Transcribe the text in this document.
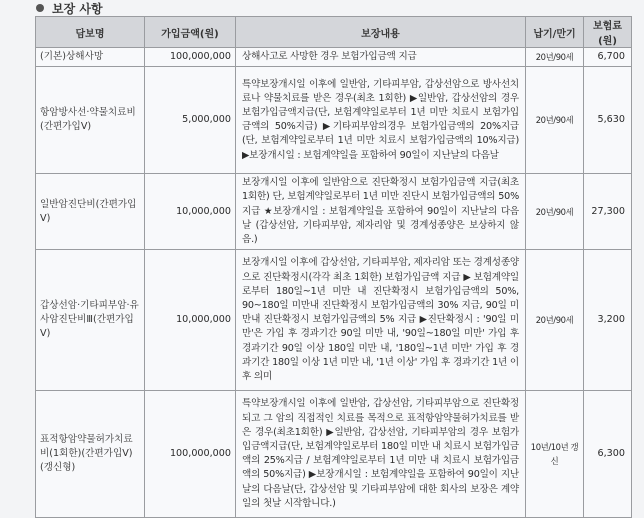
보장 사항
담보명	가입금액(원)	보장내용	납기/만기	보험료(원)
(기본)상해사망	100,000,000	상해사고로 사망한 경우 보험가입금액 지급	20년/90세	6,700
항암방사선·약물치료비(간편가입Ⅴ)	5,000,000	특약보장개시일 이후에 일반암, 기타피부암, 갑상선암으로 방사선치료나 약물치료를 받은 경우(최초 1회한) ▶일반암, 갑상선암의 경우 보험가입금액지급(단, 보험계약일로부터 1년 미만 치료시 보험가입금액의 50%지급) ▶기타피부암의경우 보험가입금액의 20%지급(단, 보험계약일로부터 1년 미만 치료시 보험가입금액의 10%지급) ▶보장개시일 : 보험계약일을 포함하여 90일이 지난날의 다음날	20년/90세	5,630
일반암진단비(간편가입Ⅴ)	10,000,000	보장개시일 이후에 일반암으로 진단확정시 보험가입금액 지급(최초 1회한) 단, 보험계약일로부터 1년 미만 진단시 보험가입금액의 50%지급 ★보장개시일 : 보험계약일을 포함하여 90일이 지난날의 다음날 (갑상선암, 기타피부암, 제자리암 및 경계성종양은 보상하지 않음.)	20년/90세	27,300
갑상선암·기타피부암·유사암진단비Ⅲ(간편가입Ⅴ)	10,000,000	보장개시일 이후에 갑상선암, 기타피부암, 제자리암 또는 경계성종양으로 진단확정시(각각 최초 1회한) 보험가입금액 지급 ▶ 보험계약일로부터 180일~1년 미만 내 진단확정시 보험가입금액의 50%, 90~180일 미만내 진단확정시 보험가입금액의 30% 지급, 90일 미만내 진단확정시 보험가입금액의 5% 지급 ▶진단확정시 : '90일 미만'은 가입 후 경과기간 90일 미만 내, '90일~180일 미만' 가입 후 경과기간 90일 이상 180일 미만 내, '180일~1년 미만' 가입 후 경과기간 180일 이상 1년 미만 내, '1년 이상' 가입 후 경과기간 1년 이후 의미	20년/90세	3,200
표적항암약물허가치료비(1회한)(간편가입Ⅴ)(갱신형)	100,000,000	특약보장개시일 이후에 일반암, 갑상선암, 기타피부암으로 진단확정되고 그 암의 직접적인 치료를 목적으로 표적항암약물허가치료를 받은 경우(최초1회한) ▶일반암, 갑상선암, 기타피부암의 경우 보험가입금액지급(단, 보험계약일로부터 180일 미만 내 치료시 보험가입금액의 25%지급 / 보험계약일로부터 1년 미만 내 치료시 보험가입금액의 50%지급) ▶보장개시일 : 보험계약일을 포함하여 90일이 지난날의 다음날(단, 갑상선암 및 기타피부암에 대한 회사의 보장은 계약일의 첫날 시작합니다.)	10년/10년 갱신	6,300
